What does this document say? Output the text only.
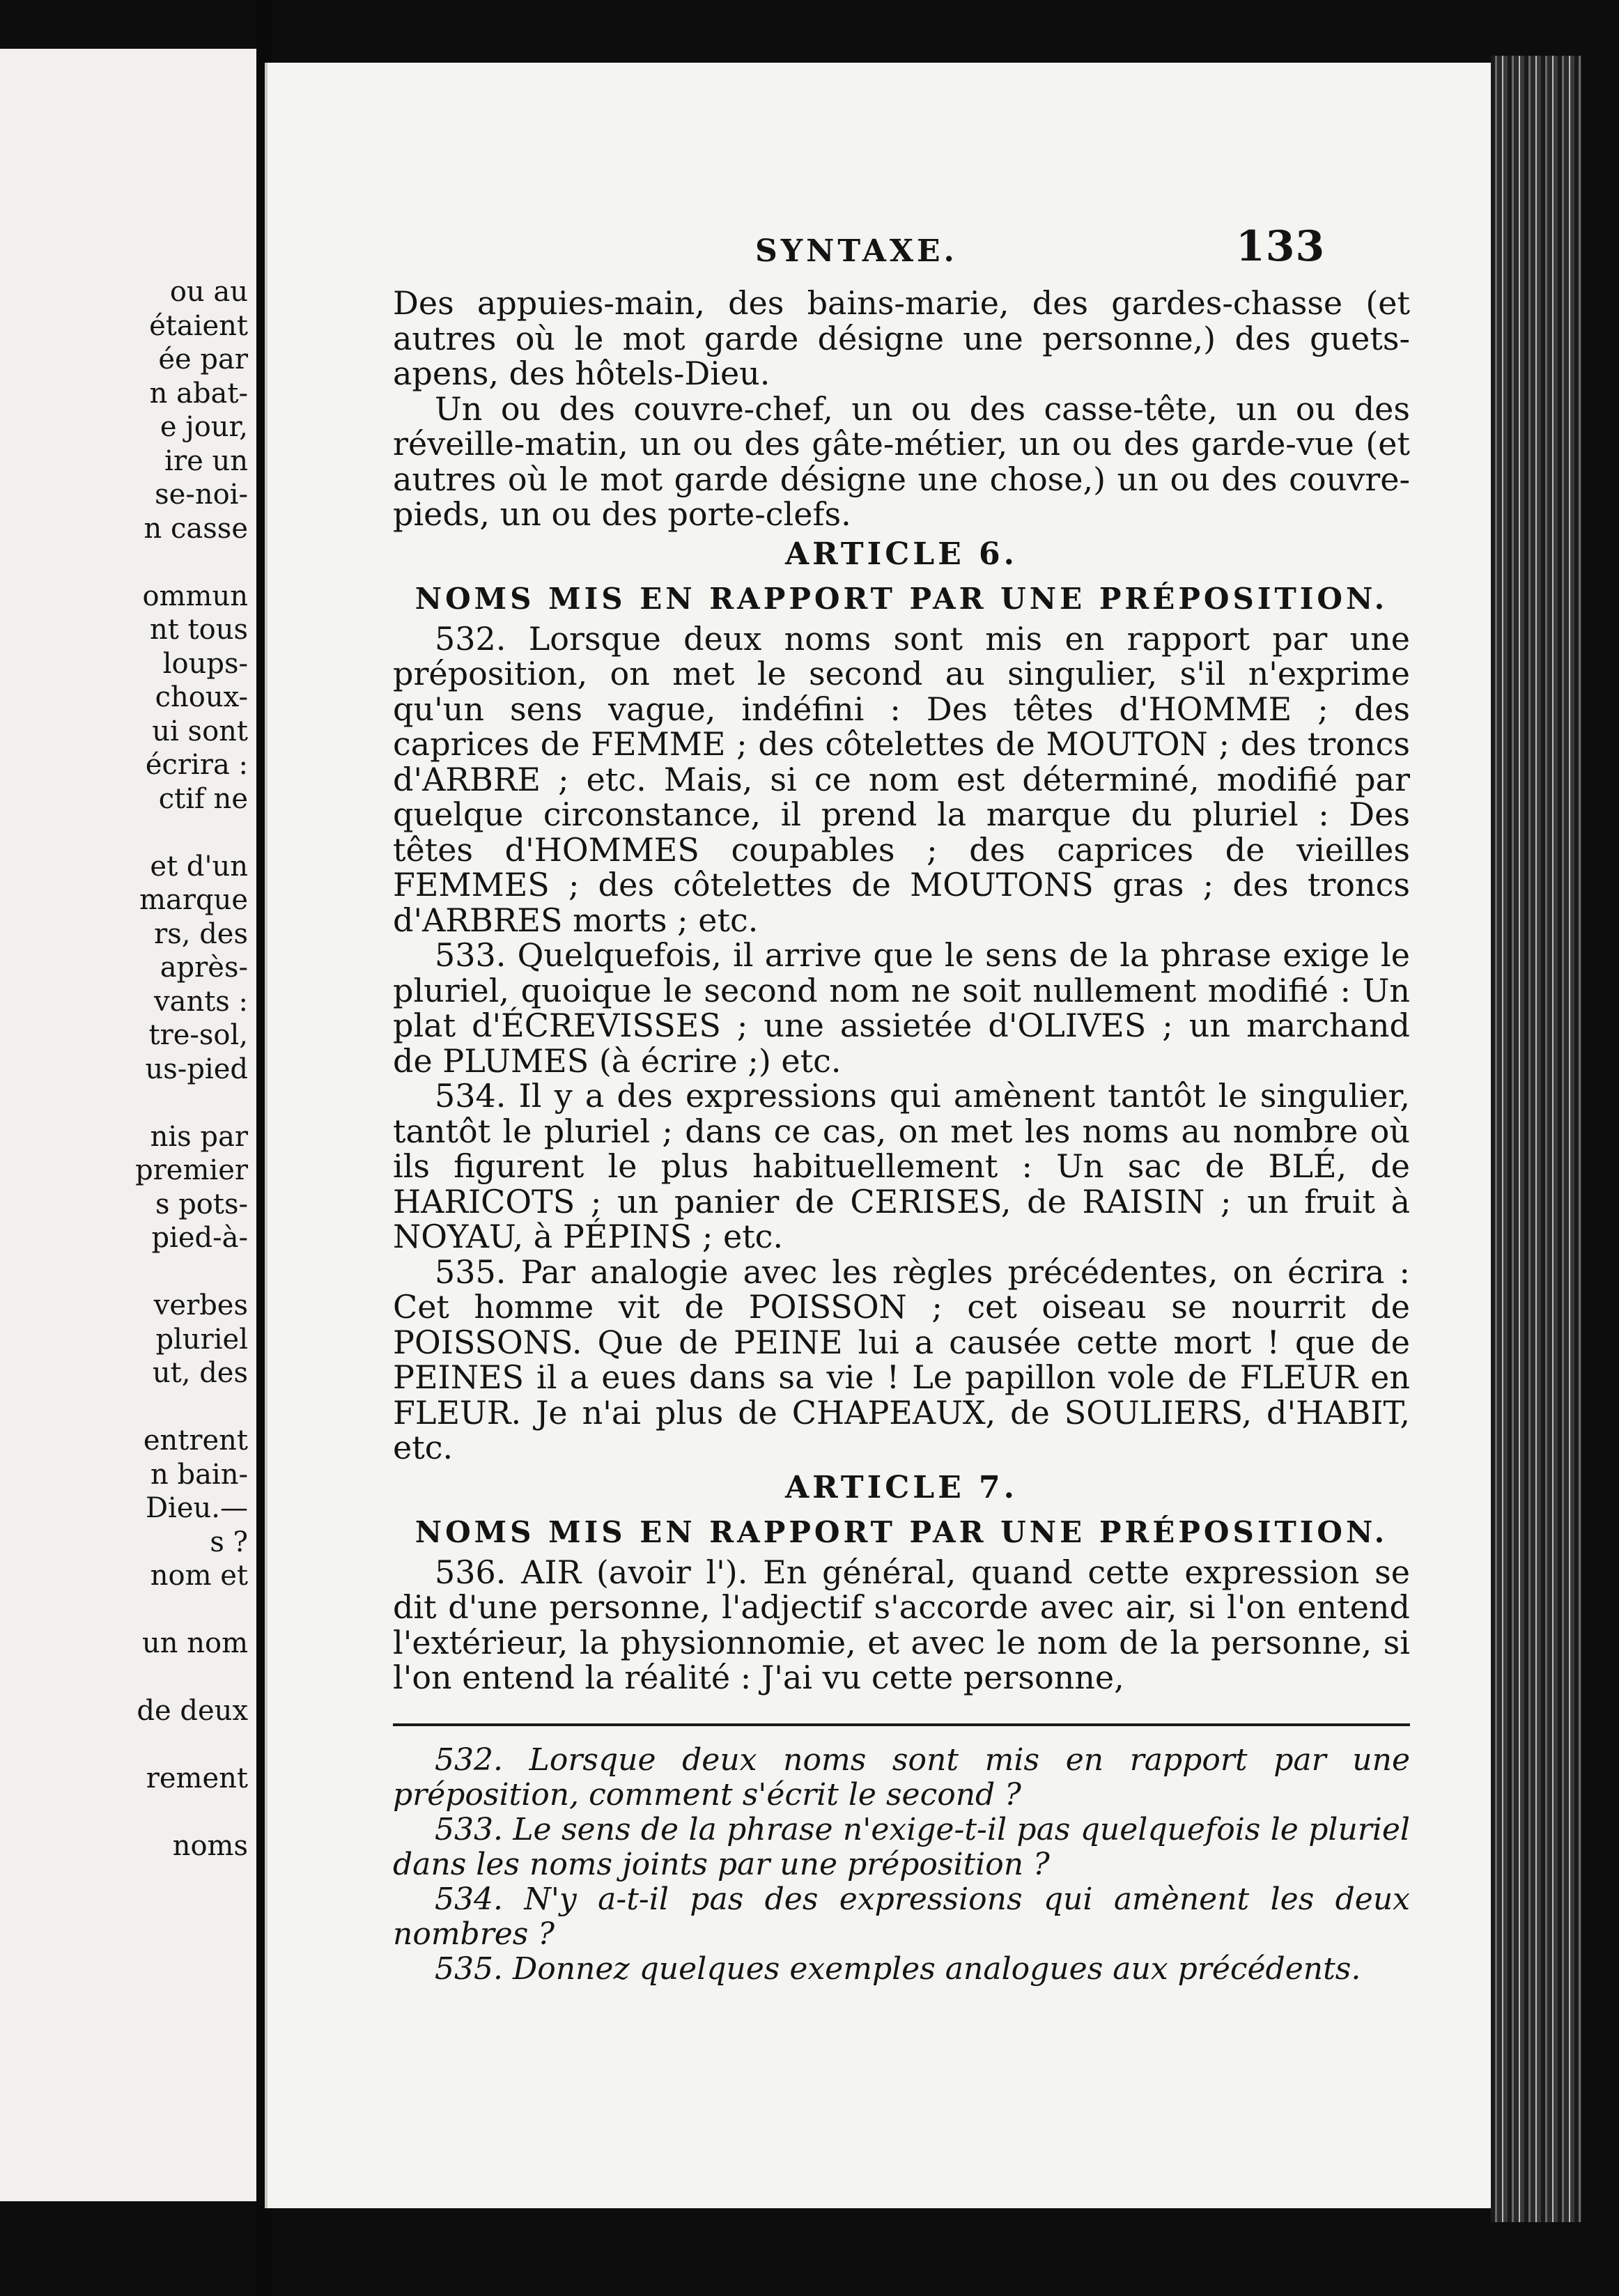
ou au
étaient
ée par
n abat-
e jour,
ire un
se-noi-
n casse
ommun
nt tous
loups-
choux-
ui sont
écrira :
ctif ne
et d'un
marque
rs, des
après-
vants :
tre-sol,
us-pied
nis par
premier
s pots-
pied-à-
verbes
pluriel
ut, des
entrent
n bain-
Dieu.—
s ?
nom et
un nom
de deux
rement
noms
SYNTAXE.	133

Des appuies-main, des bains-marie, des gardes-chasse (et autres où le mot garde désigne une personne,) des guets-apens, des hôtels-Dieu.

Un ou des couvre-chef, un ou des casse-tête, un ou des réveille-matin, un ou des gâte-métier, un ou des garde-vue (et autres où le mot garde désigne une chose,) un ou des couvre-pieds, un ou des porte-clefs.

ARTICLE 6.

NOMS MIS EN RAPPORT PAR UNE PRÉPOSITION.

532. Lorsque deux noms sont mis en rapport par une préposition, on met le second au singulier, s'il n'exprime qu'un sens vague, indéfini : Des têtes d'HOMME ; des caprices de FEMME ; des côtelettes de MOUTON ; des troncs d'ARBRE ; etc. Mais, si ce nom est déterminé, modifié par quelque circonstance, il prend la marque du pluriel : Des têtes d'HOMMES coupables ; des caprices de vieilles FEMMES ; des côtelettes de MOUTONS gras ; des troncs d'ARBRES morts ; etc.

533. Quelquefois, il arrive que le sens de la phrase exige le pluriel, quoique le second nom ne soit nullement modifié : Un plat d'ÉCREVISSES ; une assietée d'OLIVES ; un marchand de PLUMES (à écrire ;) etc.

534. Il y a des expressions qui amènent tantôt le singulier, tantôt le pluriel ; dans ce cas, on met les noms au nombre où ils figurent le plus habituellement : Un sac de BLÉ, de HARICOTS ; un panier de CERISES, de RAISIN ; un fruit à NOYAU, à PÉPINS ; etc.

535. Par analogie avec les règles précédentes, on écrira : Cet homme vit de POISSON ; cet oiseau se nourrit de POISSONS. Que de PEINE lui a causée cette mort ! que de PEINES il a eues dans sa vie ! Le papillon vole de FLEUR en FLEUR. Je n'ai plus de CHAPEAUX, de SOULIERS, d'HABIT, etc.

ARTICLE 7.

NOMS MIS EN RAPPORT PAR UNE PRÉPOSITION.

536. AIR (avoir l'). En général, quand cette expression se dit d'une personne, l'adjectif s'accorde avec air, si l'on entend l'extérieur, la physionnomie, et avec le nom de la personne, si l'on entend la réalité : J'ai vu cette personne,

532. Lorsque deux noms sont mis en rapport par une préposition, comment s'écrit le second ?

533. Le sens de la phrase n'exige-t-il pas quelquefois le pluriel dans les noms joints par une préposition ?

534. N'y a-t-il pas des expressions qui amènent les deux nombres ?

535. Donnez quelques exemples analogues aux précédents.
